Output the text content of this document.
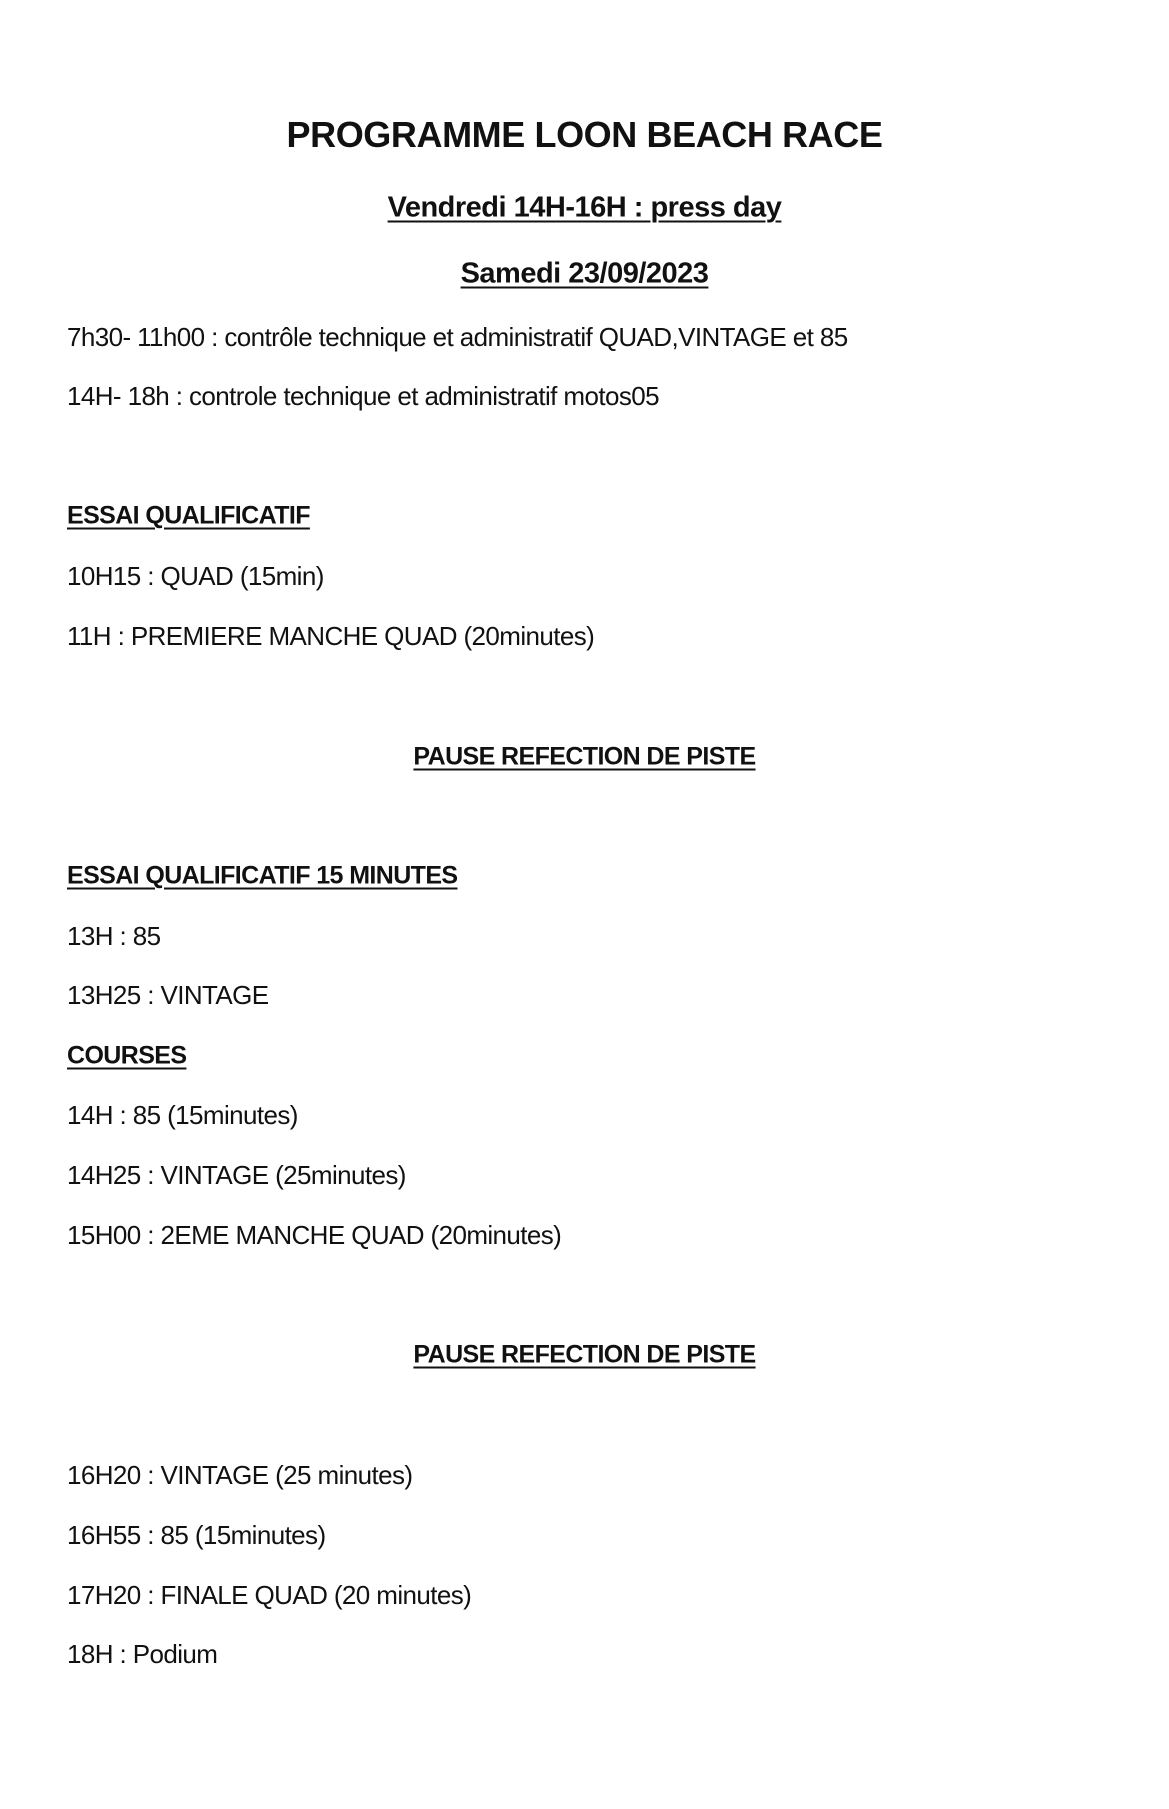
PROGRAMME LOON BEACH RACE
Vendredi 14H-16H : press day
Samedi 23/09/2023
7h30- 11h00 : contrôle technique et administratif QUAD,VINTAGE et 85
14H- 18h : controle technique et administratif motos05
ESSAI QUALIFICATIF
10H15 : QUAD (15min)
11H : PREMIERE MANCHE QUAD (20minutes)
PAUSE REFECTION DE PISTE
ESSAI QUALIFICATIF 15 MINUTES
13H : 85
13H25 : VINTAGE
COURSES
14H : 85 (15minutes)
14H25 : VINTAGE (25minutes)
15H00 : 2EME MANCHE QUAD (20minutes)
PAUSE REFECTION DE PISTE
16H20 : VINTAGE (25 minutes)
16H55 : 85 (15minutes)
17H20 : FINALE QUAD (20 minutes)
18H : Podium
